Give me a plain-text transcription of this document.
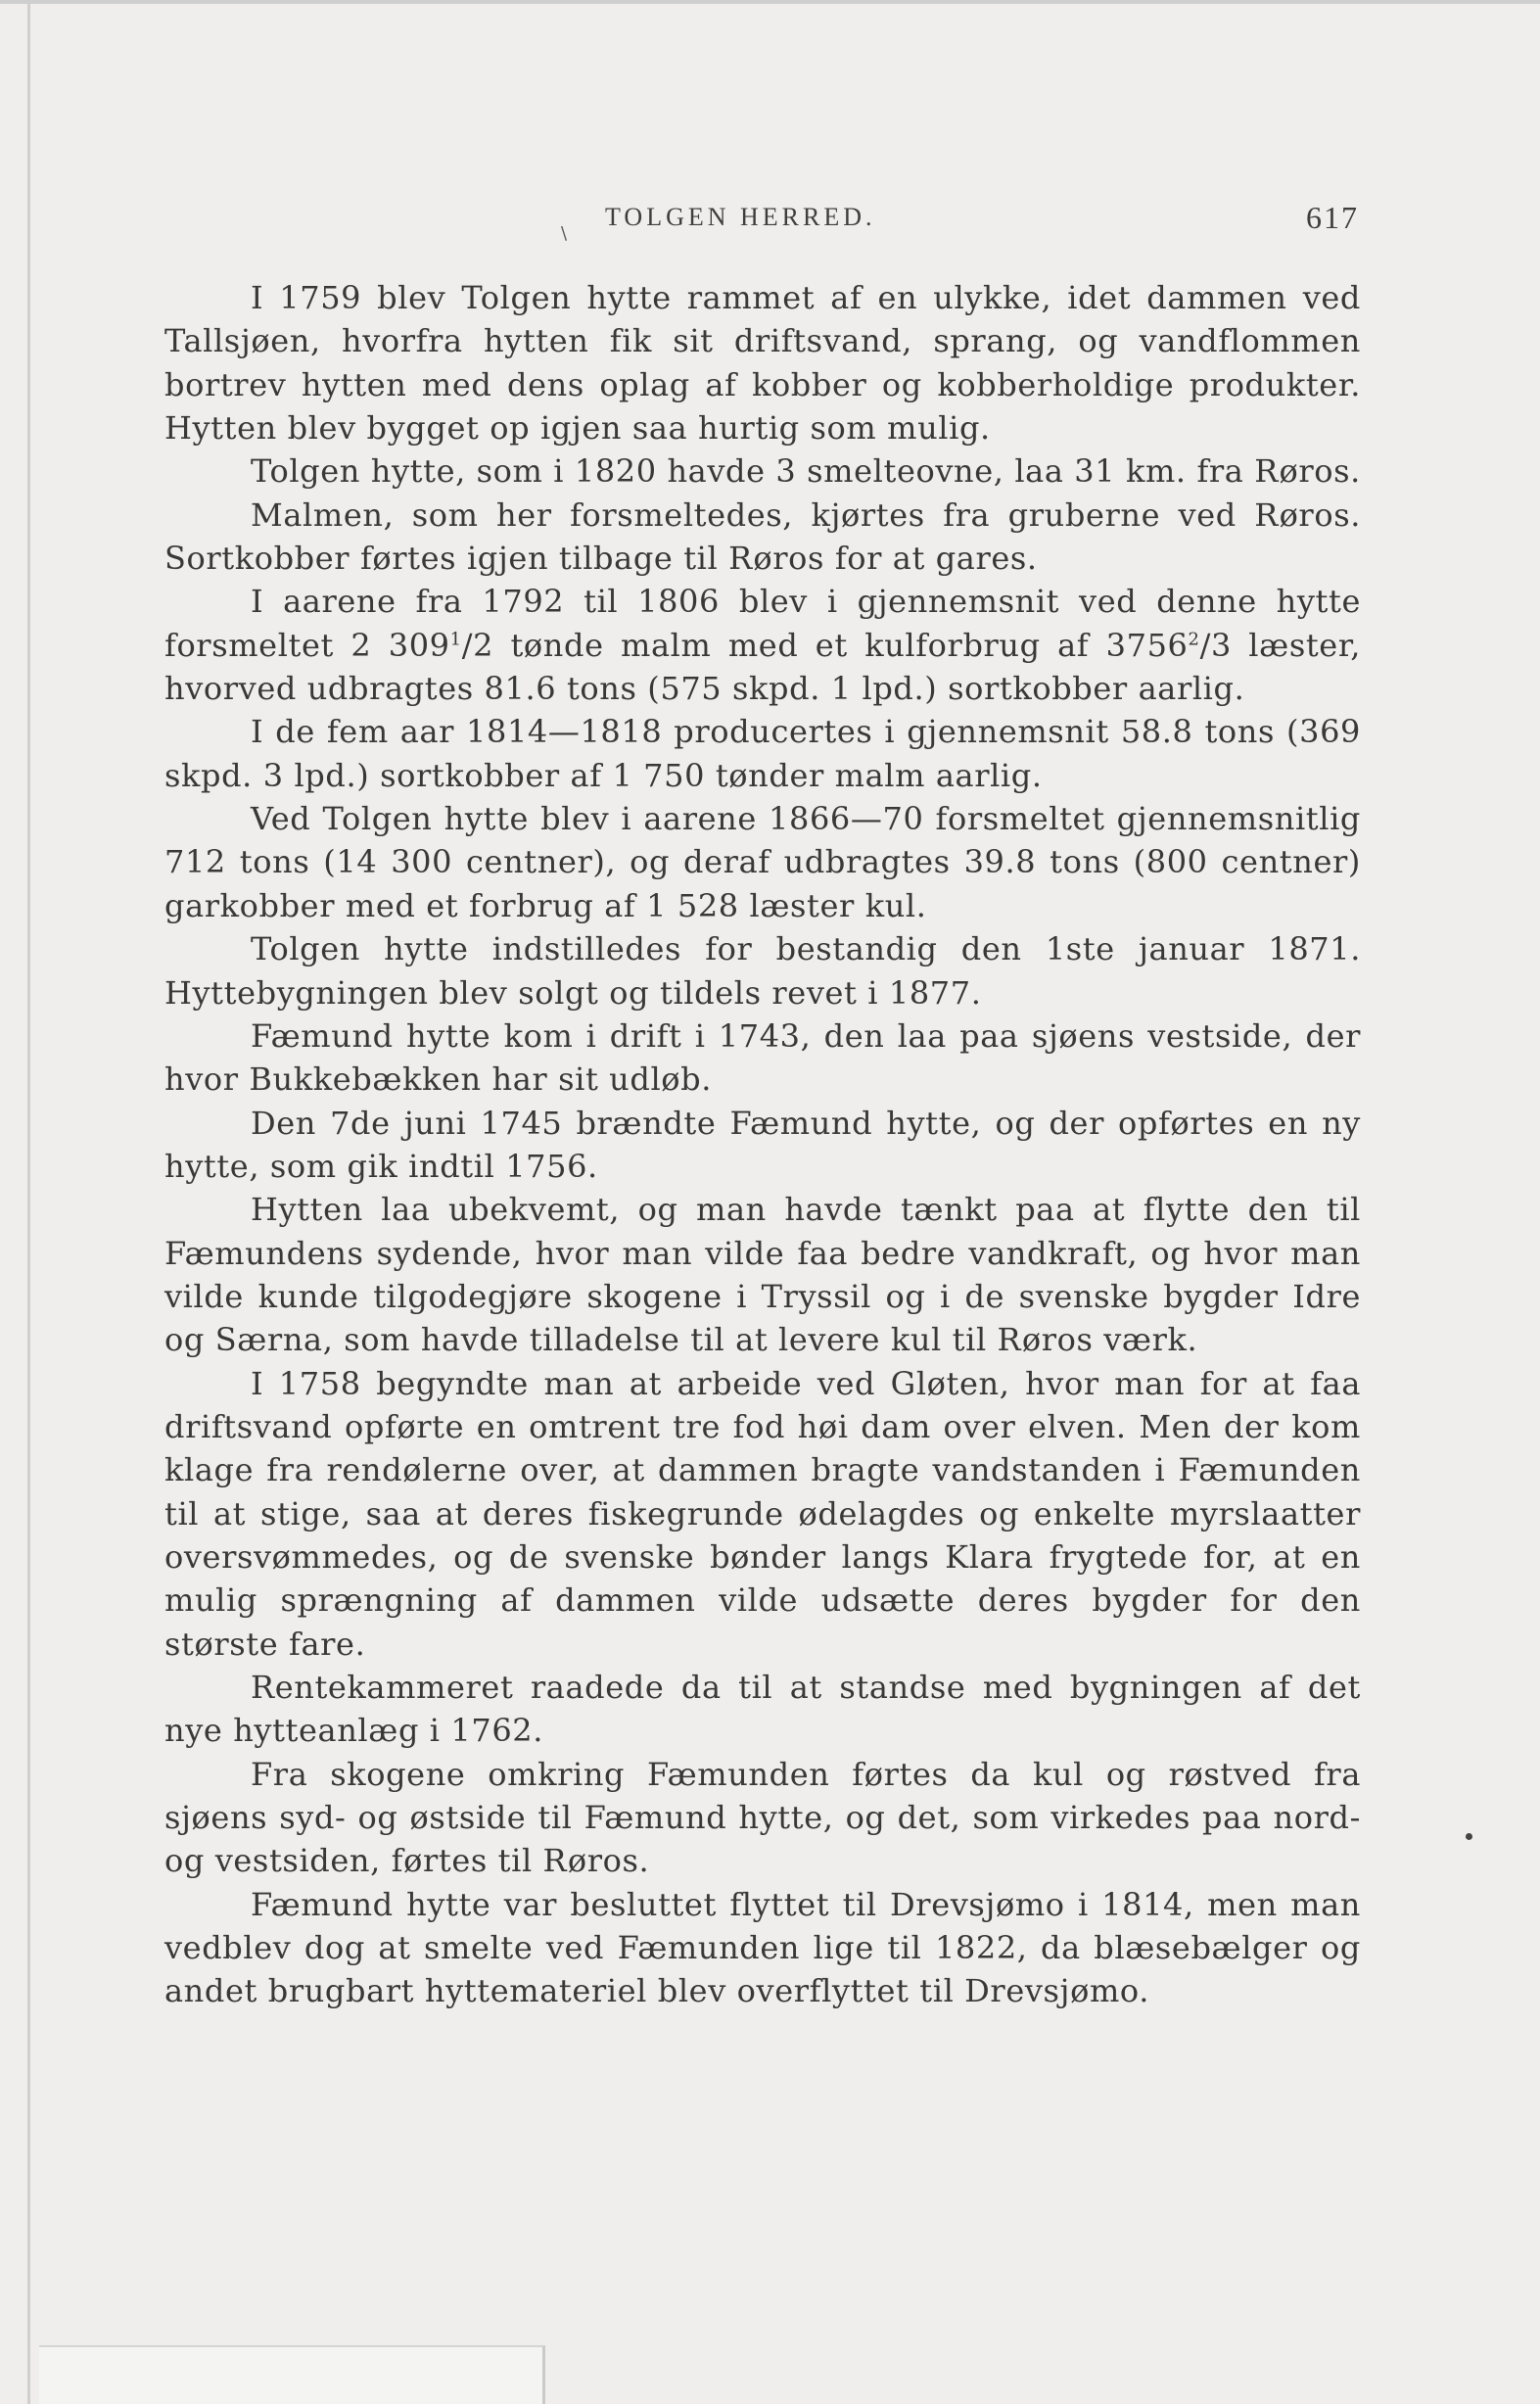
\
TOLGEN HERRED.	617

I 1759 blev Tolgen hytte rammet af en ulykke, idet dammen ved Tallsjøen, hvorfra hytten fik sit driftsvand, sprang, og vandflommen bortrev hytten med dens oplag af kobber og kobberholdige produkter. Hytten blev bygget op igjen saa hurtig som mulig.

Tolgen hytte, som i 1820 havde 3 smelteovne, laa 31 km. fra Røros.

Malmen, som her forsmeltedes, kjørtes fra gruberne ved Røros. Sortkobber førtes igjen tilbage til Røros for at gares.

I aarene fra 1792 til 1806 blev i gjennemsnit ved denne hytte forsmeltet 2 $309^1/2$ tønde malm med et kulforbrug af 3756$^2$/3 læster, hvorved udbragtes 81.6 tons (575 skpd. 1 lpd.) sortkobber aarlig.

I de fem aar 1814—1818 producertes i gjennemsnit 58.8 tons (369 skpd. 3 lpd.) sortkobber af 1 750 tønder malm aarlig.

Ved Tolgen hytte blev i aarene 1866—70 forsmeltet gjennemsnitlig 712 tons (14 300 centner), og deraf udbragtes 39.8 tons (800 centner) garkobber med et forbrug af 1 528 læster kul.

Tolgen hytte indstilledes for bestandig den 1ste januar 1871. Hyttebygningen blev solgt og tildels revet i 1877.

Fæmund hytte kom i drift i 1743, den laa paa sjøens vestside, der hvor Bukkebækken har sit udløb.

Den 7de juni 1745 brændte Fæmund hytte, og der opførtes en ny hytte, som gik indtil 1756.

Hytten laa ubekvemt, og man havde tænkt paa at flytte den til Fæmundens sydende, hvor man vilde faa bedre vandkraft, og hvor man vilde kunde tilgodegjøre skogene i Tryssil og i de svenske bygder Idre og Særna, som havde tilladelse til at levere kul til Røros værk.

I 1758 begyndte man at arbeide ved Gløten, hvor man for at faa driftsvand opførte en omtrent tre fod høi dam over elven. Men der kom klage fra rendølerne over, at dammen bragte vandstanden i Fæmunden til at stige, saa at deres fiskegrunde ødelagdes og enkelte myrslaatter oversvømmedes, og de svenske bønder langs Klara frygtede for, at en mulig sprængning af dammen vilde udsætte deres bygder for den største fare.

Rentekammeret raadede da til at standse med bygningen af det nye hytteanlæg i 1762.

Fra skogene omkring Fæmunden førtes da kul og røstved fra sjøens syd- og østside til Fæmund hytte, og det, som virkedes paa nord- og vestsiden, førtes til Røros.

Fæmund hytte var besluttet flyttet til Drevsjømo i 1814, men man vedblev dog at smelte ved Fæmunden lige til 1822, da blæsebælger og andet brugbart hyttemateriel blev overflyttet til Drevsjømo.
